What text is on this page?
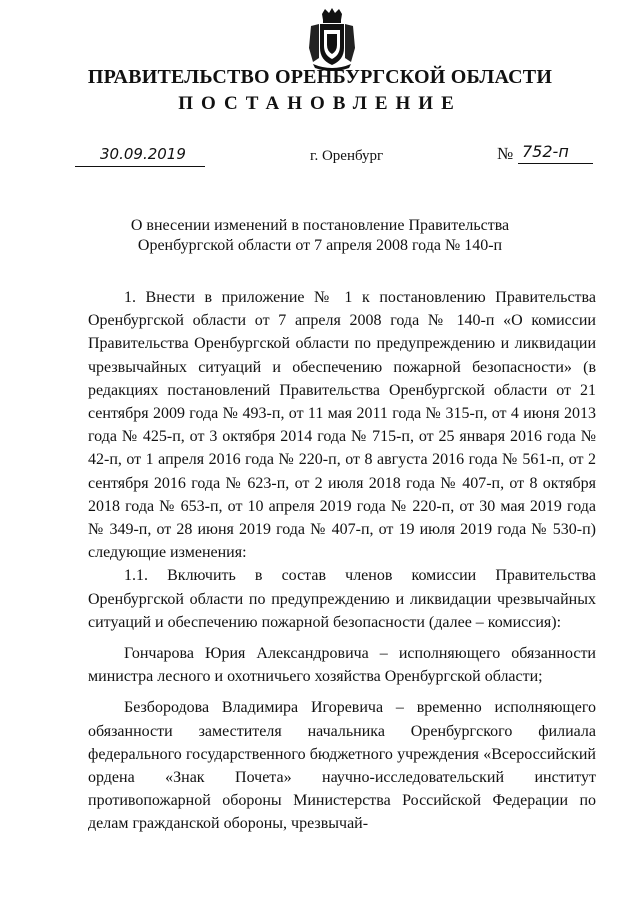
ПРАВИТЕЛЬСТВО ОРЕНБУРГСКОЙ ОБЛАСТИ
ПОСТАНОВЛЕНИЕ
30.09.2019	г. Оренбург	№ 752-п
О внесении изменений в постановление Правительства
Оренбургской области от 7 апреля 2008 года № 140-п

1. Внести в приложение № 1 к постановлению Правительства Оренбургской области от 7 апреля 2008 года № 140-п «О комиссии Правительства Оренбургской области по предупреждению и ликвидации чрезвычайных ситуаций и обеспечению пожарной безопасности» (в редакциях постановлений Правительства Оренбургской области от 21 сентября 2009 года № 493-п, от 11 мая 2011 года № 315-п, от 4 июня 2013 года № 425-п, от 3 октября 2014 года № 715-п, от 25 января 2016 года № 42-п, от 1 апреля 2016 года № 220-п, от 8 августа 2016 года № 561-п, от 2 сентября 2016 года № 623-п, от 2 июля 2018 года № 407-п, от 8 октября 2018 года № 653-п, от 10 апреля 2019 года № 220-п, от 30 мая 2019 года № 349-п, от 28 июня 2019 года № 407-п, от 19 июля 2019 года № 530-п) следующие изменения:

1.1. Включить в состав членов комиссии Правительства Оренбургской области по предупреждению и ликвидации чрезвычайных ситуаций и обеспечению пожарной безопасности (далее – комиссия):

Гончарова Юрия Александровича – исполняющего обязанности министра лесного и охотничьего хозяйства Оренбургской области;

Безбородова Владимира Игоревича – временно исполняющего обязанности заместителя начальника Оренбургского филиала федерального государственного бюджетного учреждения «Всероссийский ордена «Знак Почета» научно-исследовательский институт противопожарной обороны Министерства Российской Федерации по делам гражданской обороны, чрезвычай-
